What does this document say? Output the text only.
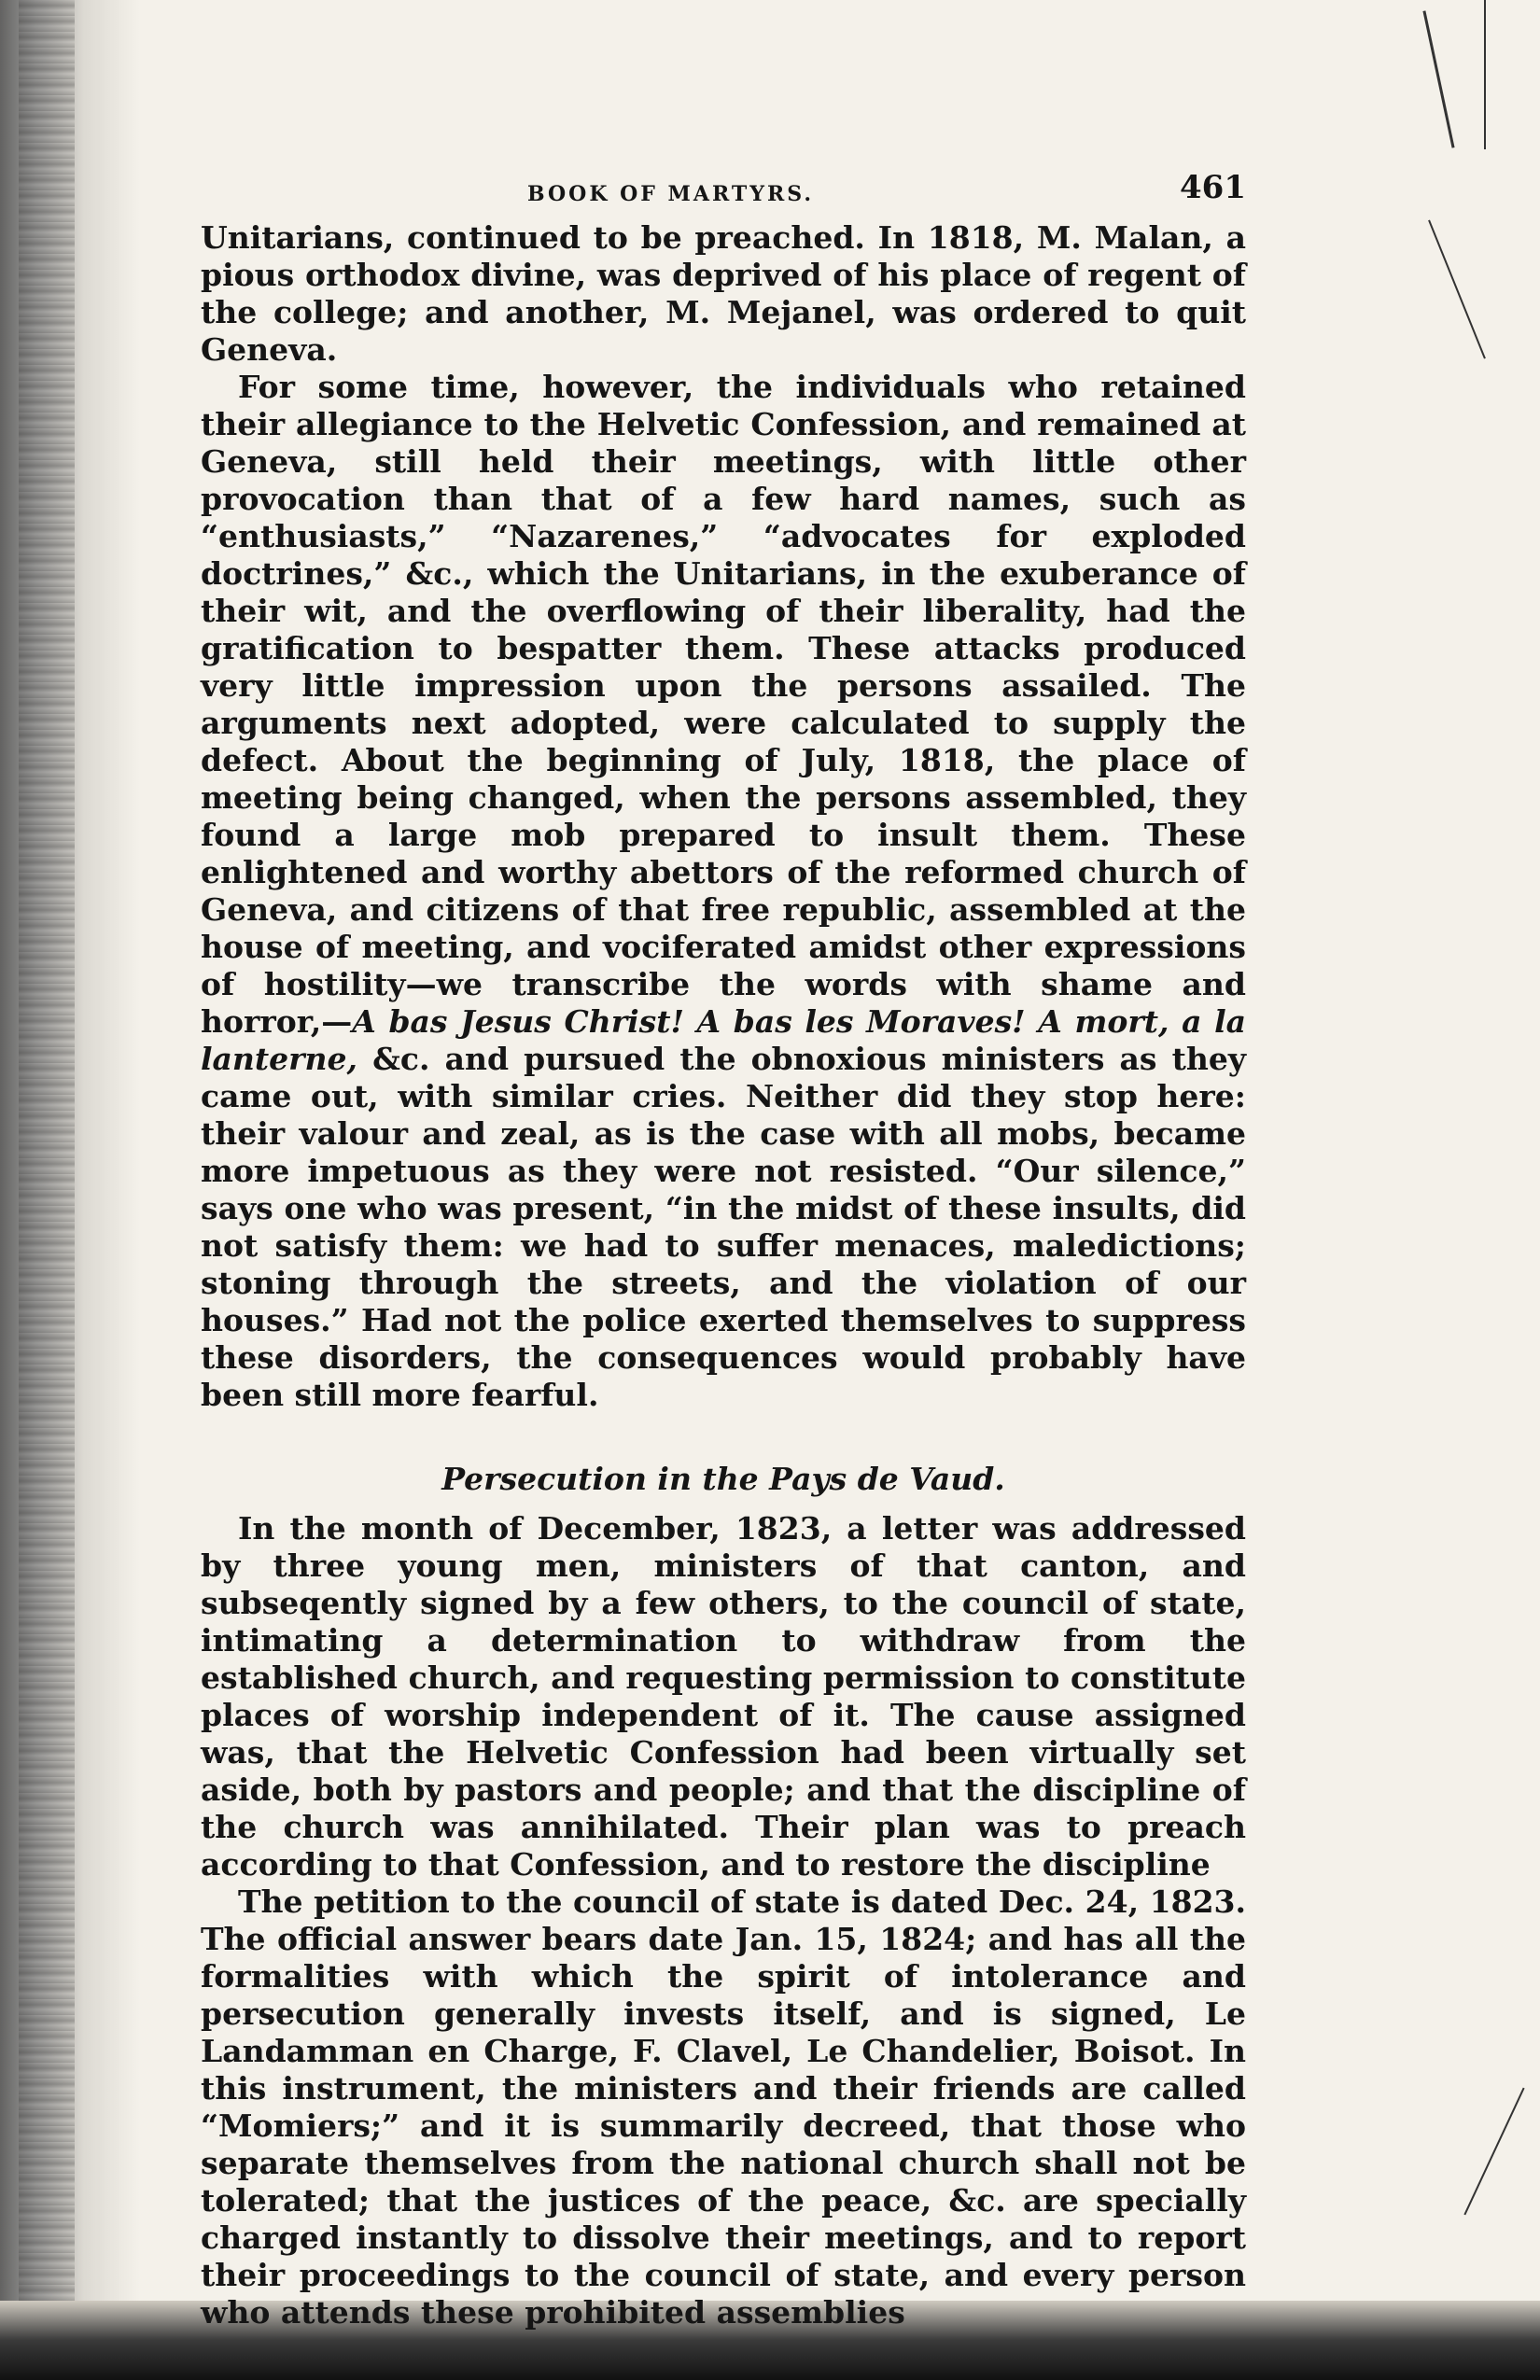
BOOK OF MARTYRS.	461

Unitarians, continued to be preached. In 1818, M. Malan, a pious orthodox divine, was deprived of his place of regent of the college; and another, M. Mejanel, was ordered to quit Geneva.

For some time, however, the individuals who retained their allegiance to the Helvetic Confession, and remained at Geneva, still held their meetings, with little other provocation than that of a few hard names, such as “enthusiasts,” “Nazarenes,” “advocates for exploded doctrines,” &c., which the Unitarians, in the exuberance of their wit, and the overflowing of their liberality, had the gratification to bespatter them. These attacks produced very little impression upon the persons assailed. The arguments next adopted, were calculated to supply the defect. About the beginning of July, 1818, the place of meeting being changed, when the persons assembled, they found a large mob prepared to insult them. These enlightened and worthy abettors of the reformed church of Geneva, and citizens of that free republic, assembled at the house of meeting, and vociferated amidst other expressions of hostility—we transcribe the words with shame and horror,—A bas Jesus Christ! A bas les Moraves! A mort, a la lanterne, &c. and pursued the obnoxious ministers as they came out, with similar cries. Neither did they stop here: their valour and zeal, as is the case with all mobs, became more impetuous as they were not resisted. “Our silence,” says one who was present, “in the midst of these insults, did not satisfy them: we had to suffer menaces, maledictions; stoning through the streets, and the violation of our houses.” Had not the police exerted themselves to suppress these disorders, the consequences would probably have been still more fearful.

Persecution in the Pays de Vaud.

In the month of December, 1823, a letter was addressed by three young men, ministers of that canton, and subseqently signed by a few others, to the council of state, intimating a determination to withdraw from the established church, and requesting permission to constitute places of worship independent of it. The cause assigned was, that the Helvetic Confession had been virtually set aside, both by pastors and people; and that the discipline of the church was annihilated. Their plan was to preach according to that Confession, and to restore the discipline

The petition to the council of state is dated Dec. 24, 1823. The official answer bears date Jan. 15, 1824; and has all the formalities with which the spirit of intolerance and persecution generally invests itself, and is signed, Le Landamman en Charge, F. Clavel, Le Chandelier, Boisot. In this instrument, the ministers and their friends are called “Momiers;” and it is summarily decreed, that those who separate themselves from the national church shall not be tolerated; that the justices of the peace, &c. are specially charged instantly to dissolve their meetings, and to report their proceedings to the council of state, and every person who attends these prohibited assemblies
